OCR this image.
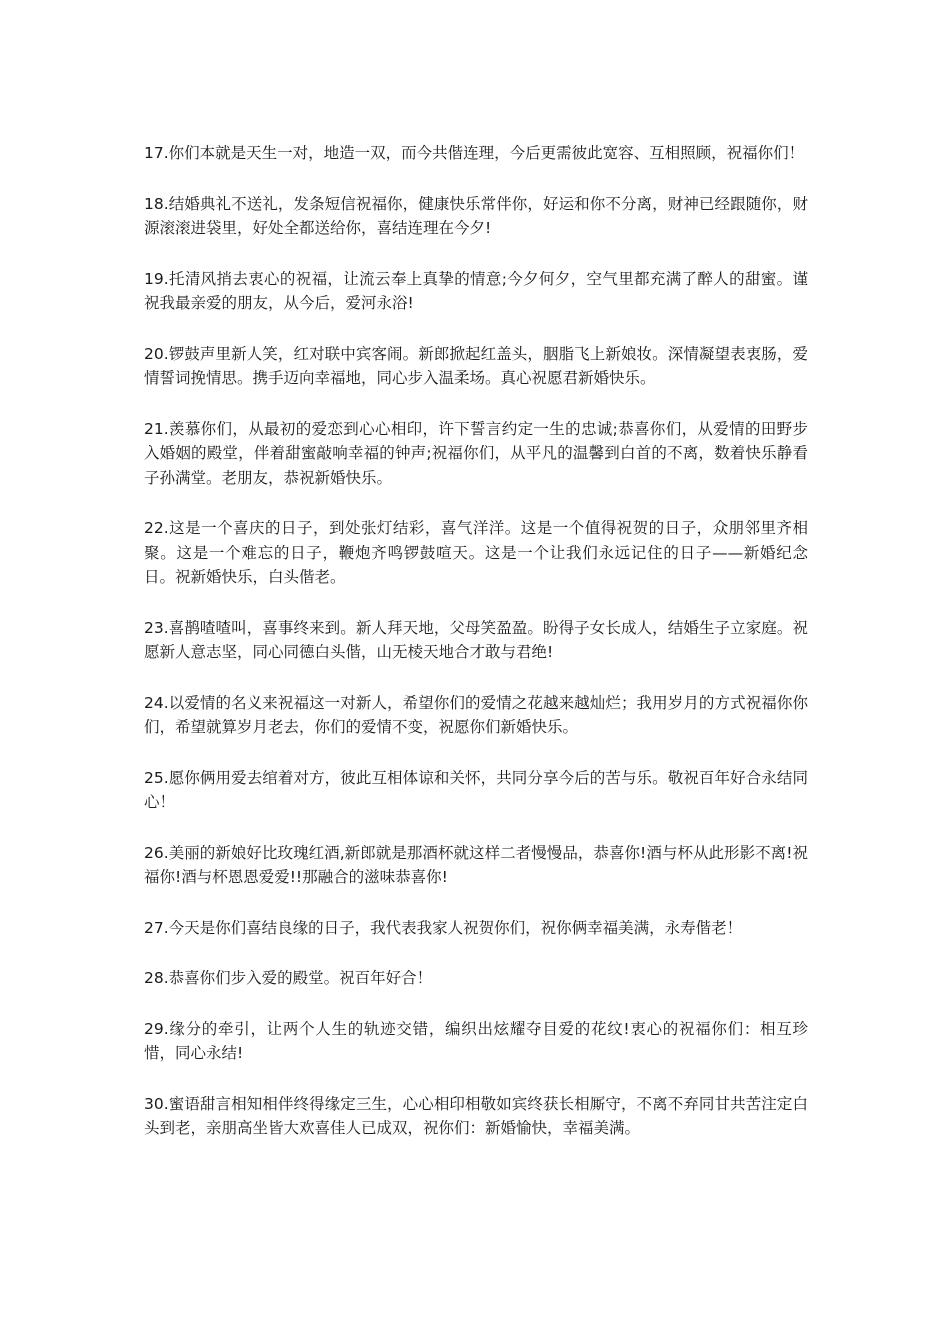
17.你们本就是天生一对，地造一双，而今共偕连理，今后更需彼此宽容、互相照顾，祝福你们！

18.结婚典礼不送礼，发条短信祝福你，健康快乐常伴你，好运和你不分离，财神已经跟随你，财源滚滚进袋里，好处全都送给你，喜结连理在今夕!

19.托清风捎去衷心的祝福，让流云奉上真挚的情意;今夕何夕，空气里都充满了醉人的甜蜜。谨祝我最亲爱的朋友，从今后，爱河永浴!

20.锣鼓声里新人笑，红对联中宾客闹。新郎掀起红盖头，胭脂飞上新娘妆。深情凝望表衷肠，爱情誓词挽情思。携手迈向幸福地，同心步入温柔场。真心祝愿君新婚快乐。

21.羡慕你们，从最初的爱恋到心心相印，许下誓言约定一生的忠诚;恭喜你们，从爱情的田野步入婚姻的殿堂，伴着甜蜜敲响幸福的钟声;祝福你们，从平凡的温馨到白首的不离，数着快乐静看子孙满堂。老朋友，恭祝新婚快乐。

22.这是一个喜庆的日子，到处张灯结彩，喜气洋洋。这是一个值得祝贺的日子，众朋邻里齐相聚。这是一个难忘的日子，鞭炮齐鸣锣鼓喧天。这是一个让我们永远记住的日子——新婚纪念日。祝新婚快乐，白头偕老。

23.喜鹊喳喳叫，喜事终来到。新人拜天地，父母笑盈盈。盼得子女长成人，结婚生子立家庭。祝愿新人意志坚，同心同德白头偕，山无棱天地合才敢与君绝!

24.以爱情的名义来祝福这一对新人，希望你们的爱情之花越来越灿烂；我用岁月的方式祝福你你们，希望就算岁月老去，你们的爱情不变，祝愿你们新婚快乐。

25.愿你俩用爱去绾着对方，彼此互相体谅和关怀，共同分享今后的苦与乐。敬祝百年好合永结同心！

26.美丽的新娘好比玫瑰红酒,新郎就是那酒杯就这样二者慢慢品，恭喜你!酒与杯从此形影不离!祝福你!酒与杯恩恩爱爱!!那融合的滋味恭喜你!

27.今天是你们喜结良缘的日子，我代表我家人祝贺你们，祝你俩幸福美满，永寿偕老！

28.恭喜你们步入爱的殿堂。祝百年好合！

29.缘分的牵引，让两个人生的轨迹交错，编织出炫耀夺目爱的花纹!衷心的祝福你们：相互珍惜，同心永结!

30.蜜语甜言相知相伴终得缘定三生，心心相印相敬如宾终获长相厮守，不离不弃同甘共苦注定白头到老，亲朋高坐皆大欢喜佳人已成双，祝你们：新婚愉快，幸福美满。
